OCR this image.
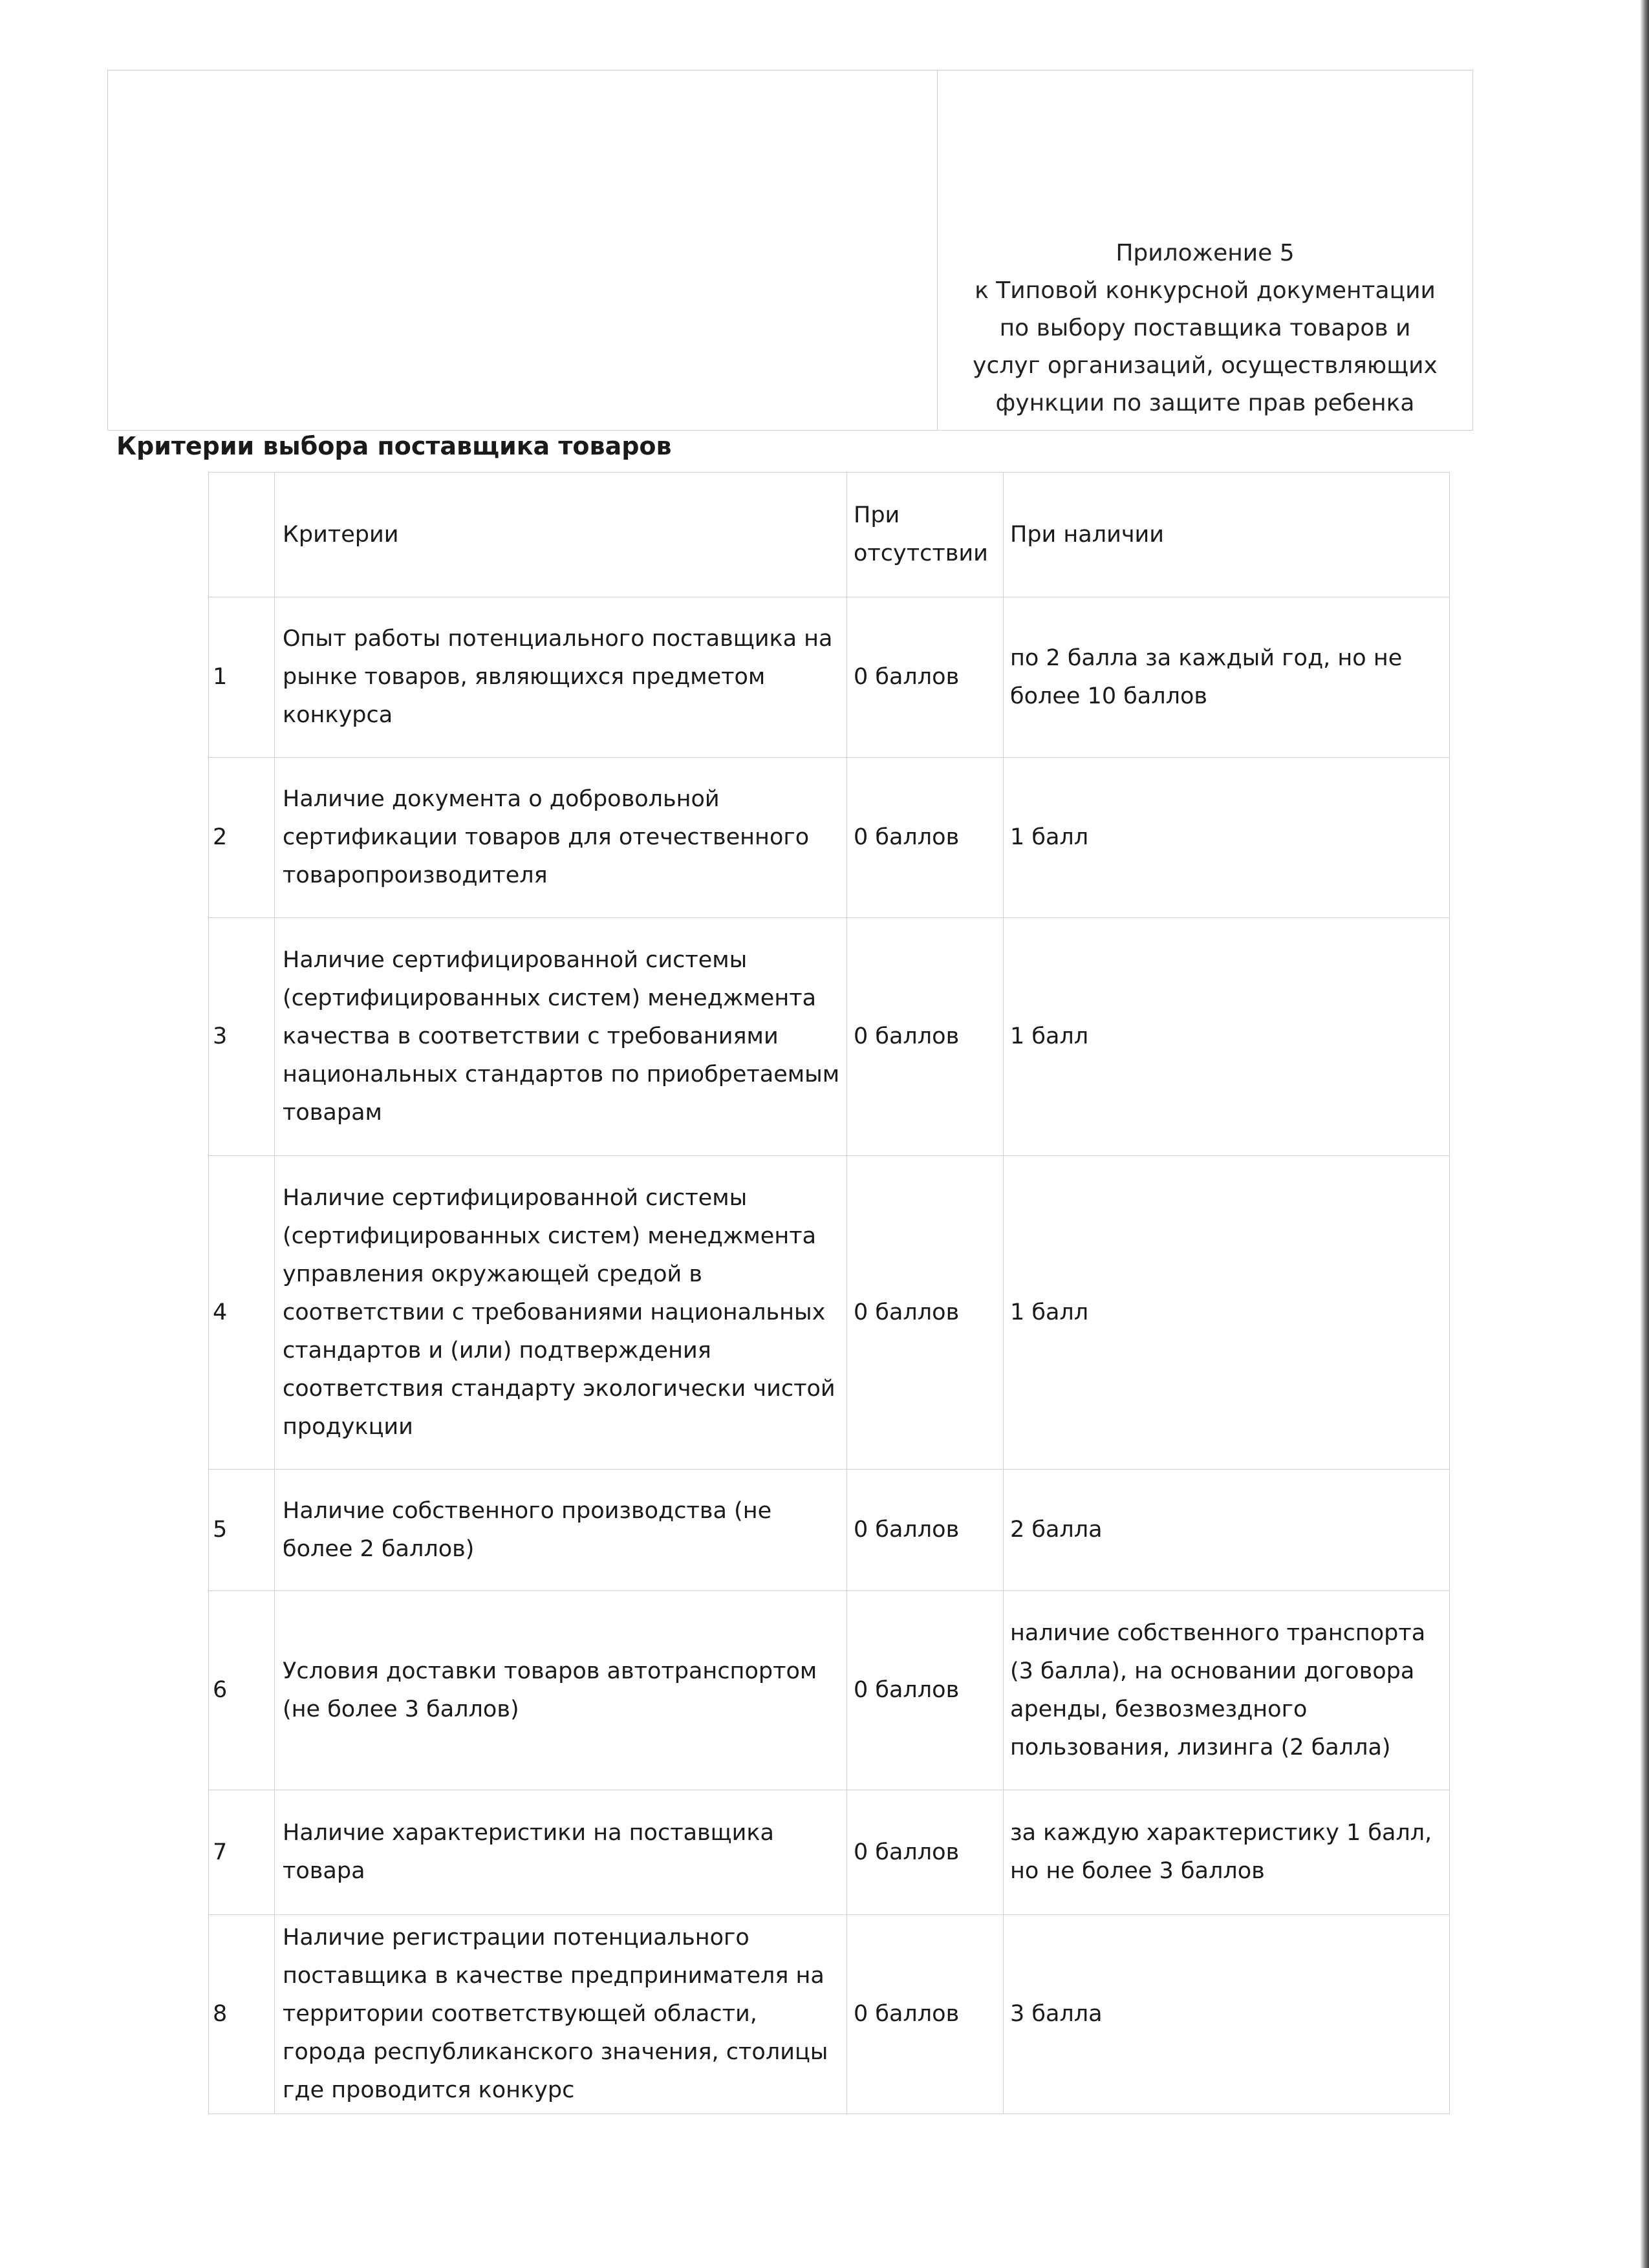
Приложение 5
к Типовой конкурсной документации
по выбору поставщика товаров и
услуг организаций, осуществляющих
функции по защите прав ребенка
Критерии выбора поставщика товаров
	Критерии	При отсутствии	При наличии
1	Опыт работы потенциального поставщика на рынке товаров, являющихся предметом конкурса	0 баллов	по 2 балла за каждый год, но не более 10 баллов
2	Наличие документа о добровольной сертификации товаров для отечественного товаропроизводителя	0 баллов	1 балл
3	Наличие сертифицированной системы (сертифицированных систем) менеджмента качества в соответствии с требованиями национальных стандартов по приобретаемым товарам	0 баллов	1 балл
4	Наличие сертифицированной системы (сертифицированных систем) менеджмента управления окружающей средой в соответствии с требованиями национальных стандартов и (или) подтверждения соответствия стандарту экологически чистой продукции	0 баллов	1 балл
5	Наличие собственного производства (не более 2 баллов)	0 баллов	2 балла
6	Условия доставки товаров автотранспортом (не более 3 баллов)	0 баллов	наличие собственного транспорта (3 балла), на основании договора аренды, безвозмездного пользования, лизинга (2 балла)
7	Наличие характеристики на поставщика товара	0 баллов	за каждую характеристику 1 балл, но не более 3 баллов
8	Наличие регистрации потенциального поставщика в качестве предпринимателя на территории соответствующей области, города республиканского значения, столицы где проводится конкурс	0 баллов	3 балла
